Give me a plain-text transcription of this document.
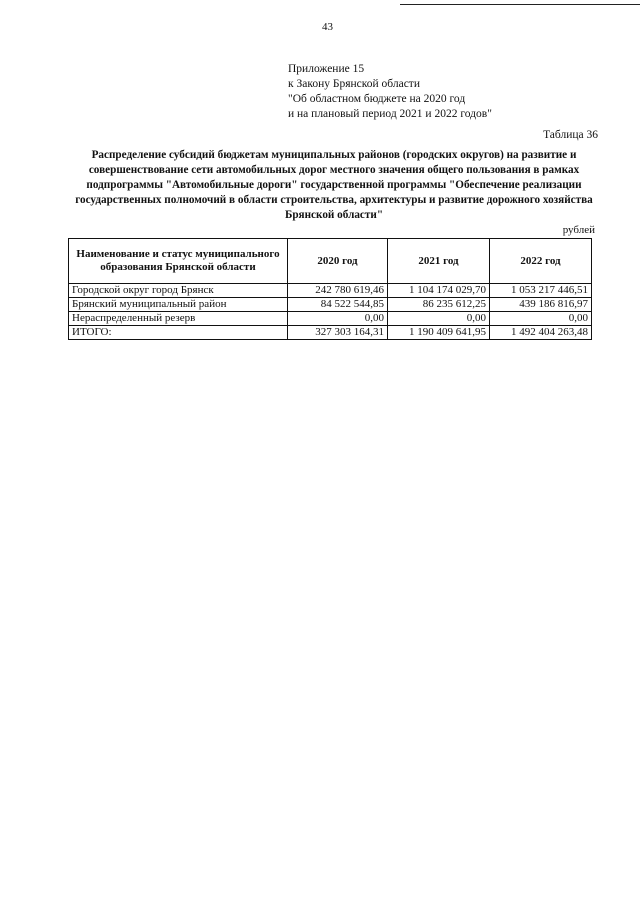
43
Приложение 15
к Закону Брянской области
"Об областном бюджете на 2020 год
и на плановый период 2021 и 2022 годов"
Таблица 36
Распределение субсидий бюджетам муниципальных районов (городских округов) на развитие и совершенствование сети автомобильных дорог местного значения общего пользования в рамках подпрограммы "Автомобильные дороги" государственной программы "Обеспечение реализации государственных полномочий в области строительства, архитектуры и развитие дорожного хозяйства Брянской области"
рублей
Наименование и статус муниципального образования Брянской области	2020 год	2021 год	2022 год
Городской округ город Брянск	242 780 619,46	1 104 174 029,70	1 053 217 446,51
Брянский муниципальный район	84 522 544,85	86 235 612,25	439 186 816,97
Нераспределенный резерв	0,00	0,00	0,00
ИТОГО:	327 303 164,31	1 190 409 641,95	1 492 404 263,48
